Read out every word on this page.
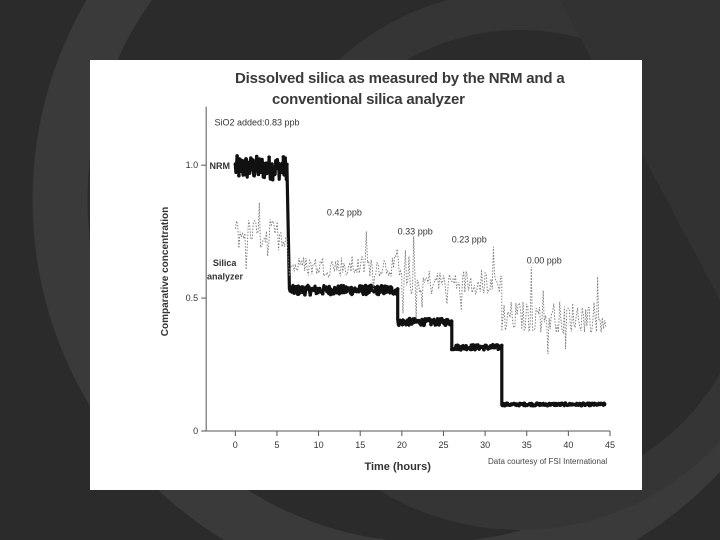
Dissolved silica as measured by the NRM and a
conventional silica analyzer
0	5	10	15	20	25	30	35	40	45
0
0.5
1.0
Time (hours)
Comparative concentration
NRM
Silica
analyzer
SiO2 added:0.83 ppb
0.42 ppb
0.33 ppb
0.23 ppb
0.00 ppb
Data courtesy of FSI International
